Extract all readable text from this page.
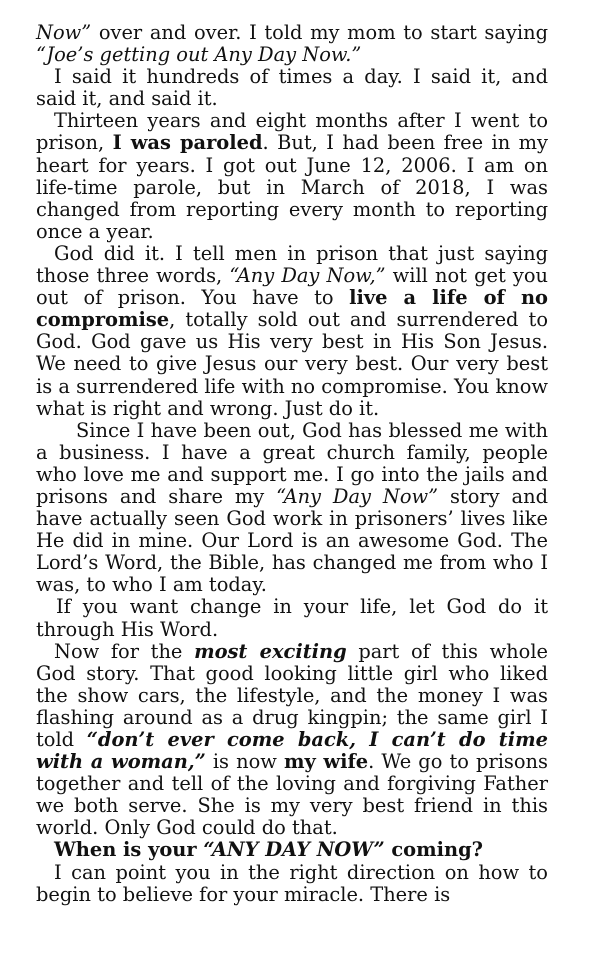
Now” over and over. I told my mom to start saying “Joe’s getting out Any Day Now.”

I said it hundreds of times a day. I said it, and said it, and said it.

Thirteen years and eight months after I went to prison, I was paroled. But, I had been free in my heart for years. I got out June 12, 2006. I am on life-time parole, but in March of 2018, I was changed from reporting every month to reporting once a year.

God did it. I tell men in prison that just saying those three words, “Any Day Now,” will not get you out of prison. You have to live a life of no compromise, totally sold out and surrendered to God. God gave us His very best in His Son Jesus. We need to give Jesus our very best. Our very best is a surrendered life with no compromise. You know what is right and wrong. Just do it.

Since I have been out, God has blessed me with a business. I have a great church family, people who love me and support me. I go into the jails and prisons and share my “Any Day Now” story and have actually seen God work in prisoners’ lives like He did in mine. Our Lord is an awesome God. The Lord’s Word, the Bible, has changed me from who I was, to who I am today.

If you want change in your life, let God do it through His Word.

Now for the most exciting part of this whole God story. That good looking little girl who liked the show cars, the lifestyle, and the money I was flashing around as a drug kingpin; the same girl I told “don’t ever come back, I can’t do time with a woman,” is now my wife. We go to prisons together and tell of the loving and forgiving Father we both serve. She is my very best friend in this world. Only God could do that.

When is your “ANY DAY NOW” coming?

I can point you in the right direction on how to begin to believe for your miracle. There is
